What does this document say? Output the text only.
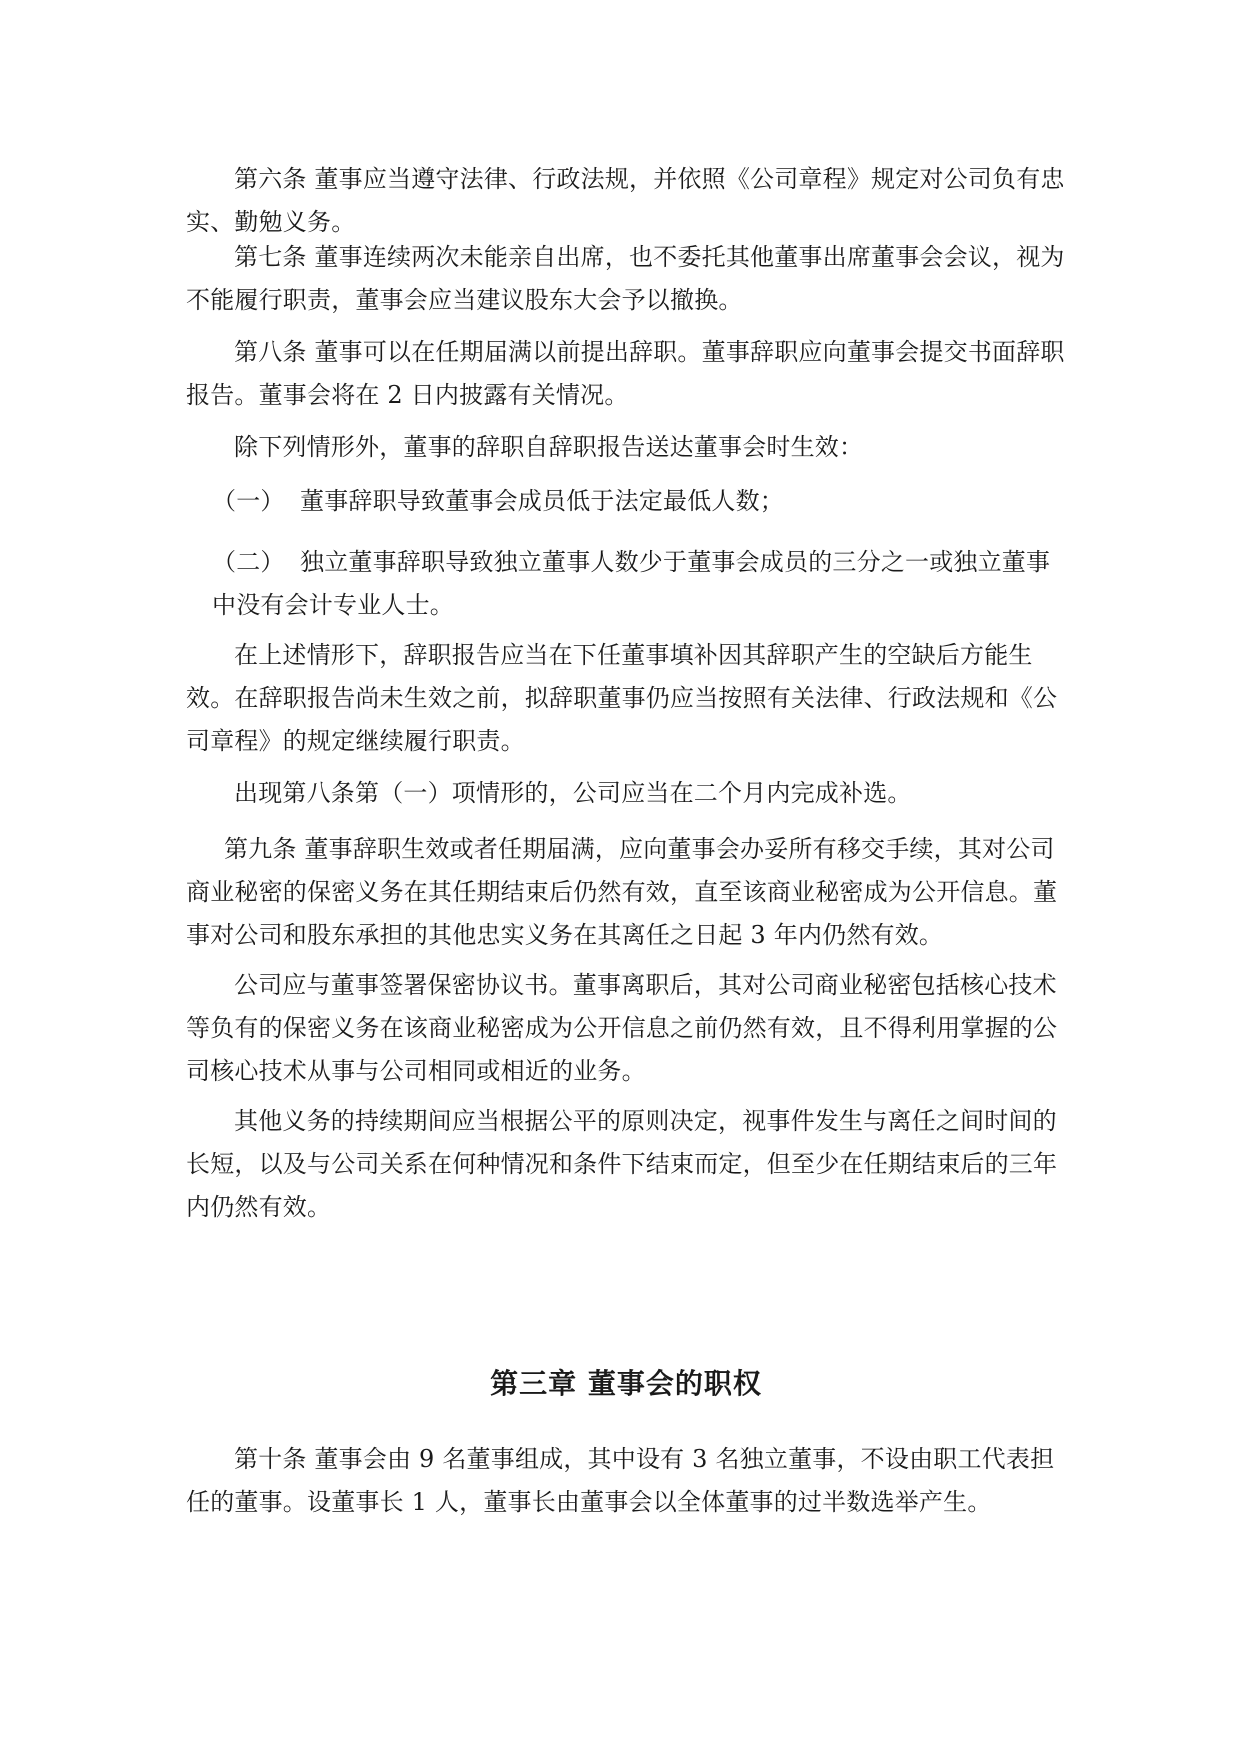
第六条 董事应当遵守法律、行政法规，并依照《公司章程》规定对公司负有忠实、勤勉义务。

第七条 董事连续两次未能亲自出席，也不委托其他董事出席董事会会议，视为不能履行职责，董事会应当建议股东大会予以撤换。

第八条 董事可以在任期届满以前提出辞职。董事辞职应向董事会提交书面辞职报告。董事会将在 2 日内披露有关情况。

除下列情形外，董事的辞职自辞职报告送达董事会时生效：

（一） 董事辞职导致董事会成员低于法定最低人数；

（二） 独立董事辞职导致独立董事人数少于董事会成员的三分之一或独立董事中没有会计专业人士。

在上述情形下，辞职报告应当在下任董事填补因其辞职产生的空缺后方能生效。在辞职报告尚未生效之前，拟辞职董事仍应当按照有关法律、行政法规和《公司章程》的规定继续履行职责。

出现第八条第（一）项情形的，公司应当在二个月内完成补选。

第九条 董事辞职生效或者任期届满，应向董事会办妥所有移交手续，其对公司商业秘密的保密义务在其任期结束后仍然有效，直至该商业秘密成为公开信息。董事对公司和股东承担的其他忠实义务在其离任之日起 3 年内仍然有效。

公司应与董事签署保密协议书。董事离职后，其对公司商业秘密包括核心技术等负有的保密义务在该商业秘密成为公开信息之前仍然有效，且不得利用掌握的公司核心技术从事与公司相同或相近的业务。

其他义务的持续期间应当根据公平的原则决定，视事件发生与离任之间时间的长短，以及与公司关系在何种情况和条件下结束而定，但至少在任期结束后的三年内仍然有效。

第三章 董事会的职权

第十条 董事会由 9 名董事组成，其中设有 3 名独立董事，不设由职工代表担任的董事。设董事长 1 人，董事长由董事会以全体董事的过半数选举产生。
